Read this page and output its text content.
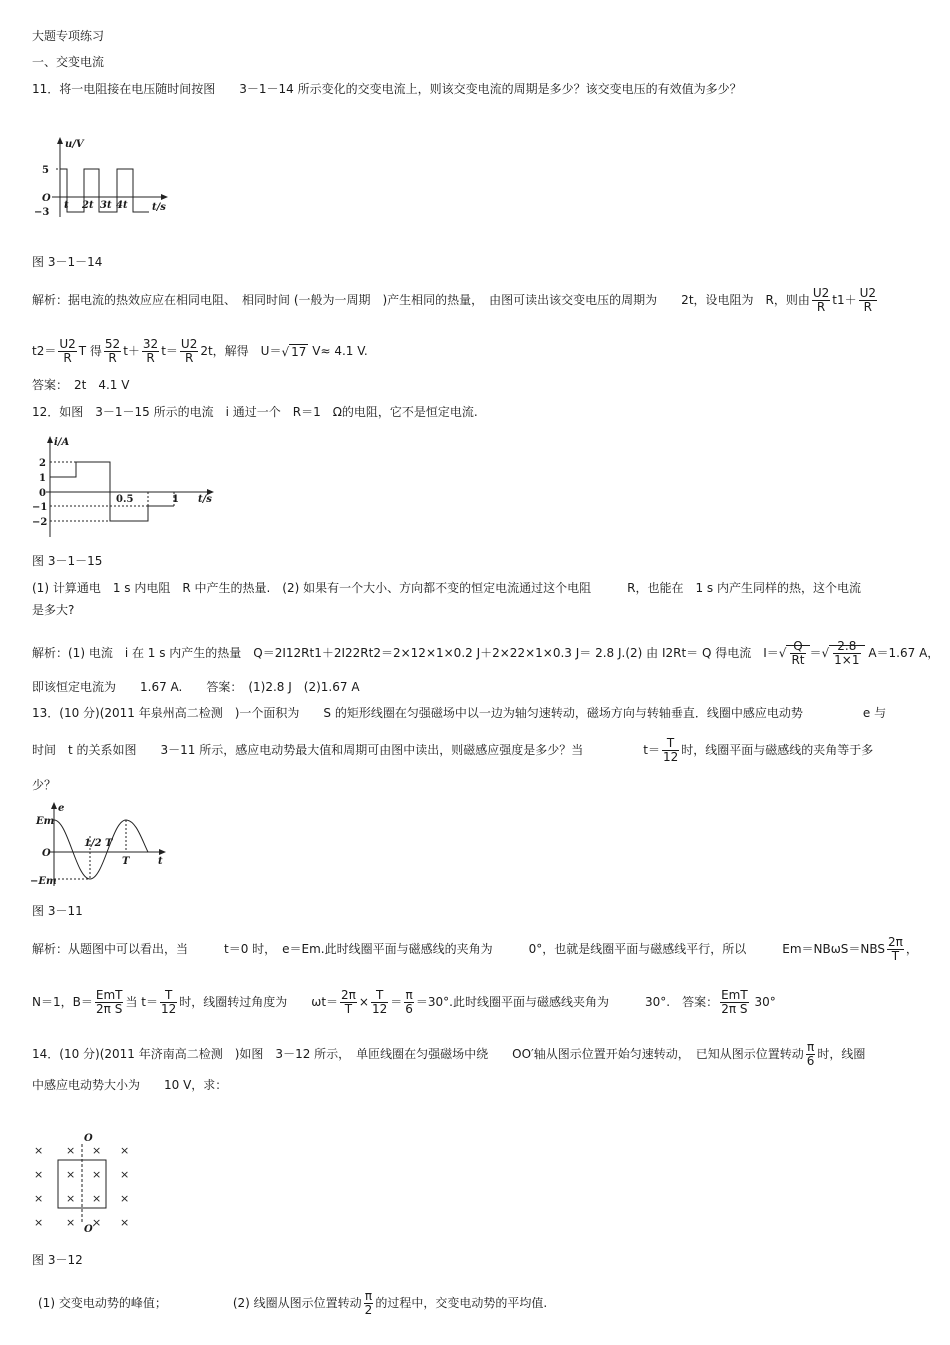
大题专项练习
一、交变电流
11．将一电阻接在电压随时间按图　　3－1－14 所示变化的交变电流上，则该交变电流的周期是多少？该交变电压的有效值为多少？
u/V
t/s
5
O
−3
t 2t 3t 4t
图 3－1－14
解析：据电流的热效应应在相同电阻、　相同时间 (一般为一周期　)产生相同的热量，　由图可读出该交变电压的周期为　　2t，设电阻为　R，则由 $\frac{U2}{R} t1+ \frac{U2}{R}$
$t2= \frac{U2}{R}$ T 得 $\frac{52}{R} t+ \frac{32}{R} t= \frac{U2}{R} 2t$，解得　U＝√ 17 V≈ 4.1 V.
答案：　2t　4.1 V
12．如图　3－1－15 所示的电流　i 通过一个　R＝1　Ω的电阻，它不是恒定电流.
i/A
t/s
2
1
0
−1
−2
0.5	1
图 3－1－15
(1) 计算通电　1 s 内电阻　R 中产生的热量.　(2) 如果有一个大小、方向都不变的恒定电流通过这个电阻　　　R，也能在　1 s 内产生同样的热，这个电流
是多大?
解析：(1) 电流　i 在 1 s 内产生的热量　Q＝2I12Rt1＋2I22Rt2＝2×12×1×0.2 J＋2×22×1×0.3 J＝ 2.8 J.(2) 由 I2Rt＝ Q 得电流　$I=√ \frac{Q}{Rt}$ ＝√ $\frac{2.8}{1\times 1} A=1.67$ A，
即该恒定电流为　　1.67 A.　　答案：　(1)2.8 J　(2)1.67 A
13．(10 分)(2011 年泉州高二检测　)一个面积为　　S 的矩形线圈在匀强磁场中以一边为轴匀速转动，磁场方向与转轴垂直．线圈中感应电动势　　　　　e 与
时间　t 的关系如图　　3－11 所示，感应电动势最大值和周期可由图中读出，则磁感应强度是多少？当　　　　　$t= \frac{T}{12}$ 时，线圈平面与磁感线的夹角等于多
少？
e
t
Em
O
−Em
1/2 T
T
图 3－11
解析：从题图中可以看出，当　　　t＝0 时，　e＝Em.此时线圈平面与磁感线的夹角为　　　0°，也就是线圈平面与磁感线平行，所以　　　$Em=NB\omega S=NBS \frac{2\pi}{T}$ ，
N＝1，$B= \frac{\text{EmT}}{\text{2π S}}$ 当 $t= \frac{T}{12}$ 时，线圈转过角度为　　$\omega t= \frac{2\pi}{T} \times \frac{T}{12} = \frac{\pi}{6} =30^\circ$.此时线圈平面与磁感线夹角为　　　30°.　答案： $\frac{\text{EmT}}{\text{2π S}} 30^\circ$
14．(10 分)(2011 年济南高二检测　)如图　3－12 所示，　单匝线圈在匀强磁场中绕　　OO′轴从图示位置开始匀速转动，　已知从图示位置转动 $\frac{\pi}{6}$ 时，线圈
中感应电动势大小为　　10 V，求：
O
O′
× × × ×
× × × ×
× × × ×
× × × ×
图 3－12
(1) 交变电动势的峰值；　　　　　　	(2) 线圈从图示位置转动 $\frac{\pi}{2}$ 的过程中，交变电动势的平均值.
